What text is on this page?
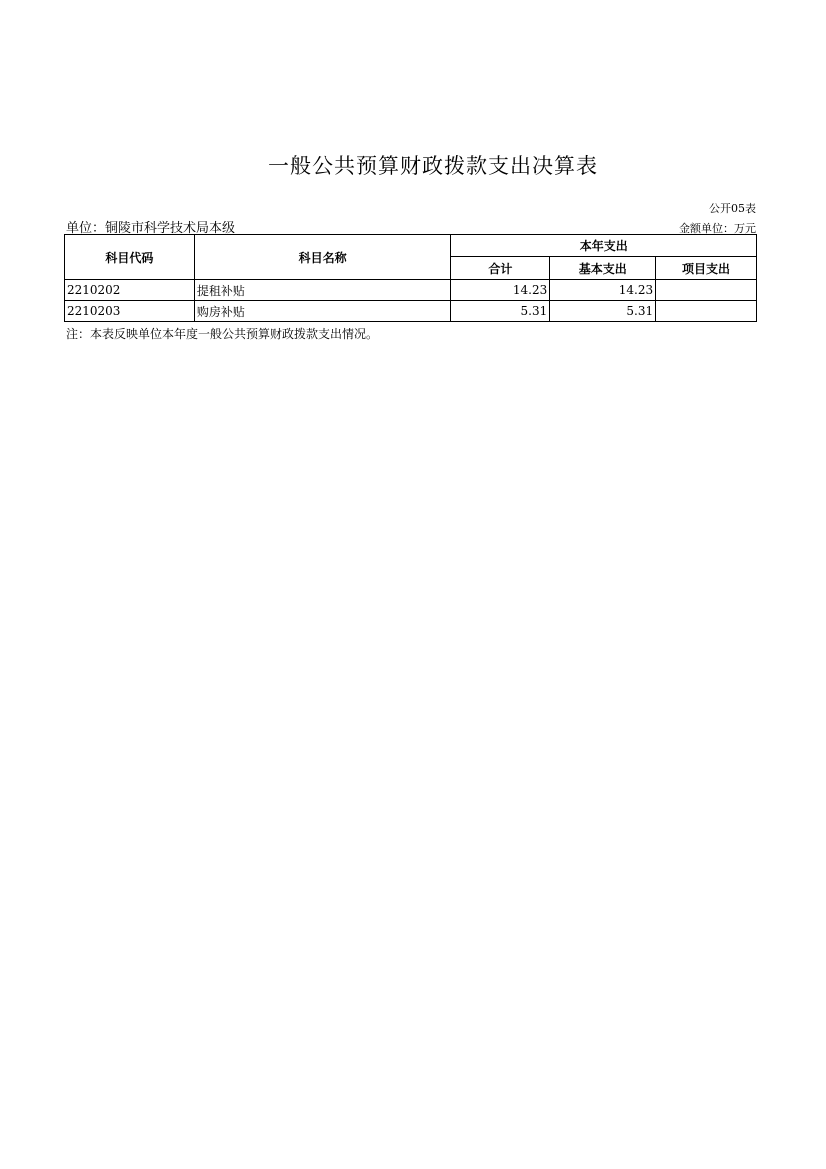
一般公共预算财政拨款支出决算表
公开05表
单位：铜陵市科学技术局本级	金额单位：万元
科目代码	科目名称	本年支出		
		合计	基本支出	项目支出
2210202	提租补贴	14.23	14.23	
2210203	购房补贴	5.31	5.31	
注：本表反映单位本年度一般公共预算财政拨款支出情况。
